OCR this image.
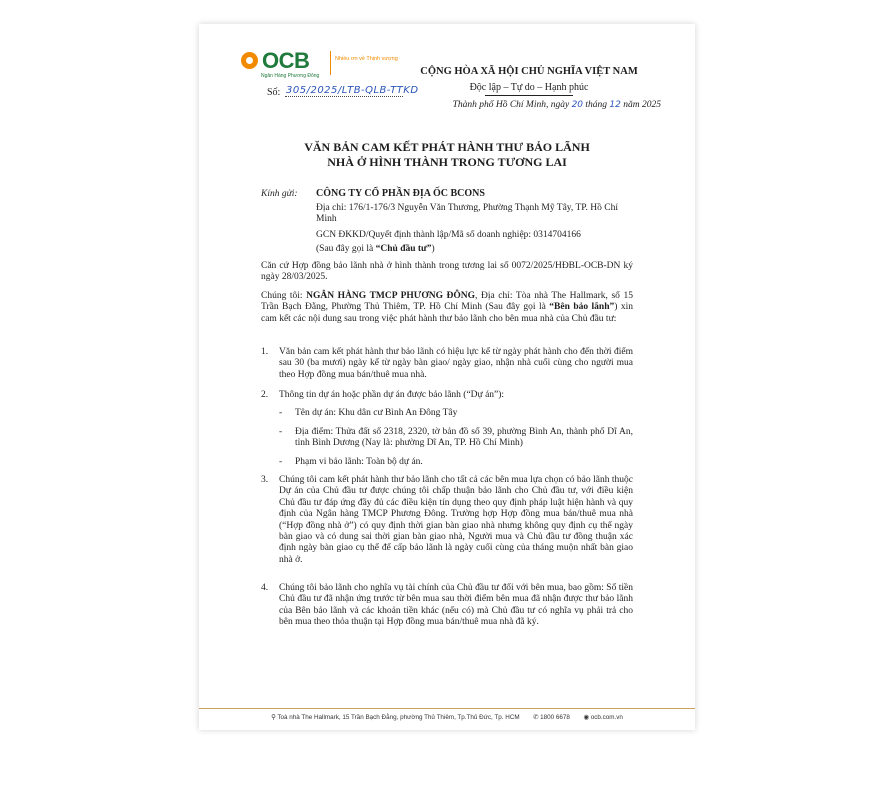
OCB
Ngân Hàng Phương Đông
Nhiều ơn về Thịnh vượng
Số: 305/2025/LTB-QLB-TTKD
CỘNG HÒA XÃ HỘI CHỦ NGHĨA VIỆT NAM
Độc lập – Tự do – Hạnh phúc
Thành phố Hồ Chí Minh, ngày 20 tháng 12 năm 2025
VĂN BẢN CAM KẾT PHÁT HÀNH THƯ BẢO LÃNH
NHÀ Ở HÌNH THÀNH TRONG TƯƠNG LAI
Kính gửi: CÔNG TY CỔ PHẦN ĐỊA ỐC BCONS
Địa chỉ: 176/1-176/3 Nguyễn Văn Thương, Phường Thạnh Mỹ Tây, TP. Hồ Chí Minh
GCN ĐKKD/Quyết định thành lập/Mã số doanh nghiệp: 0314704166
(Sau đây gọi là “Chủ đầu tư”)
Căn cứ Hợp đồng bảo lãnh nhà ở hình thành trong tương lai số 0072/2025/HĐBL-OCB-DN ký ngày 28/03/2025.
Chúng tôi: NGÂN HÀNG TMCP PHƯƠNG ĐÔNG, Địa chỉ: Tòa nhà The Hallmark, số 15 Trần Bạch Đằng, Phường Thủ Thiêm, TP. Hồ Chí Minh (Sau đây gọi là “Bên bảo lãnh”) xin cam kết các nội dung sau trong việc phát hành thư bảo lãnh cho bên mua nhà của Chủ đầu tư:
1.	Văn bản cam kết phát hành thư bảo lãnh có hiệu lực kể từ ngày phát hành cho đến thời điểm sau 30 (ba mươi) ngày kể từ ngày bàn giao/ ngày giao, nhận nhà cuối cùng cho người mua theo Hợp đồng mua bán/thuê mua nhà.
2.	Thông tin dự án hoặc phần dự án được bảo lãnh (“Dự án”):
-	Tên dự án: Khu dân cư Bình An Đông Tây
-	Địa điểm: Thửa đất số 2318, 2320, tờ bản đồ số 39, phường Bình An, thành phố Dĩ An, tỉnh Bình Dương (Nay là: phường Dĩ An, TP. Hồ Chí Minh)
-	Phạm vi bảo lãnh: Toàn bộ dự án.
3.	Chúng tôi cam kết phát hành thư bảo lãnh cho tất cả các bên mua lựa chọn có bảo lãnh thuộc Dự án của Chủ đầu tư được chúng tôi chấp thuận bảo lãnh cho Chủ đầu tư, với điều kiện Chủ đầu tư đáp ứng đầy đủ các điều kiện tín dụng theo quy định pháp luật hiện hành và quy định của Ngân hàng TMCP Phương Đông. Trường hợp Hợp đồng mua bán/thuê mua nhà (“Hợp đồng nhà ở”) có quy định thời gian bàn giao nhà nhưng không quy định cụ thể ngày bàn giao và có dung sai thời gian bàn giao nhà, Người mua và Chủ đầu tư đồng thuận xác định ngày bàn giao cụ thể để cấp bảo lãnh là ngày cuối cùng của tháng muộn nhất bàn giao nhà ở.
4.	Chúng tôi bảo lãnh cho nghĩa vụ tài chính của Chủ đầu tư đối với bên mua, bao gồm: Số tiền Chủ đầu tư đã nhận ứng trước từ bên mua sau thời điểm bên mua đã nhận được thư bảo lãnh của Bên bảo lãnh và các khoản tiền khác (nếu có) mà Chủ đầu tư có nghĩa vụ phải trả cho bên mua theo thỏa thuận tại Hợp đồng mua bán/thuê mua nhà đã ký.
⚲ Toà nhà The Hallmark, 15 Trần Bạch Đằng, phường Thủ Thiêm, Tp.Thủ Đức, Tp. HCM ✆ 1800 6678 ◉ ocb.com.vn
